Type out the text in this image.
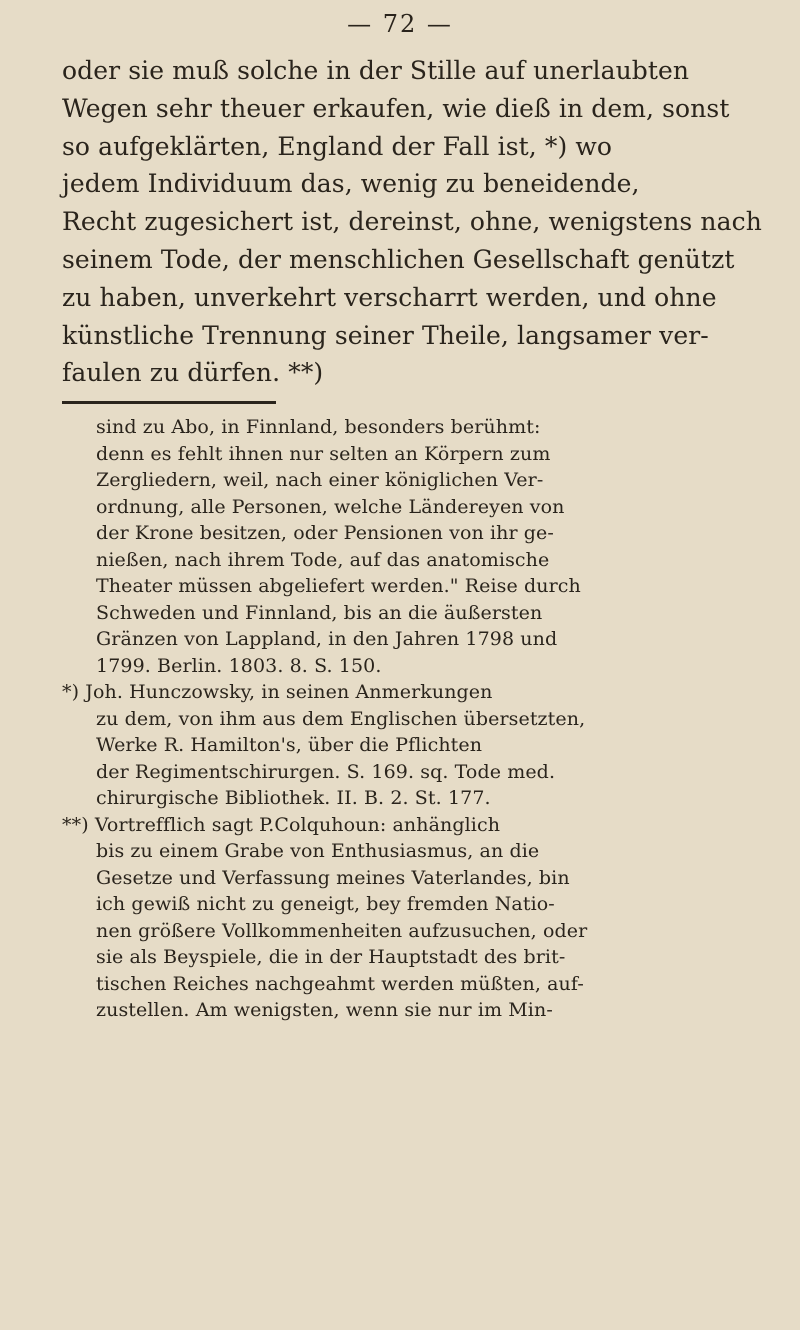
— 72 —
oder sie muß solche in der Stille auf unerlaubten
Wegen sehr theuer erkaufen, wie dieß in dem, sonst
so aufgeklärten, England der Fall ist, *) wo
jedem Individuum das, wenig zu beneidende,
Recht zugesichert ist, dereinst, ohne, wenigstens nach
seinem Tode, der menschlichen Gesellschaft genützt
zu haben, unverkehrt verscharrt werden, und ohne
künstliche Trennung seiner Theile, langsamer ver-
faulen zu dürfen. **)
sind zu Abo, in Finnland, besonders berühmt:
denn es fehlt ihnen nur selten an Körpern zum
Zergliedern, weil, nach einer königlichen Ver-
ordnung, alle Personen, welche Ländereyen von
der Krone besitzen, oder Pensionen von ihr ge-
nießen, nach ihrem Tode, auf das anatomische
Theater müssen abgeliefert werden." Reise durch
Schweden und Finnland, bis an die äußersten
Gränzen von Lappland, in den Jahren 1798 und
1799. Berlin. 1803. 8. S. 150.
*) Joh. Hunczowsky, in seinen Anmerkungen
zu dem, von ihm aus dem Englischen übersetzten,
Werke R. Hamilton's, über die Pflichten
der Regimentschirurgen. S. 169. sq. Tode med.
chirurgische Bibliothek. II. B. 2. St. 177.
**) Vortrefflich sagt P.Colquhoun: anhänglich
bis zu einem Grabe von Enthusiasmus, an die
Gesetze und Verfassung meines Vaterlandes, bin
ich gewiß nicht zu geneigt, bey fremden Natio-
nen größere Vollkommenheiten aufzusuchen, oder
sie als Beyspiele, die in der Hauptstadt des brit-
tischen Reiches nachgeahmt werden müßten, auf-
zustellen. Am wenigsten, wenn sie nur im Min-
